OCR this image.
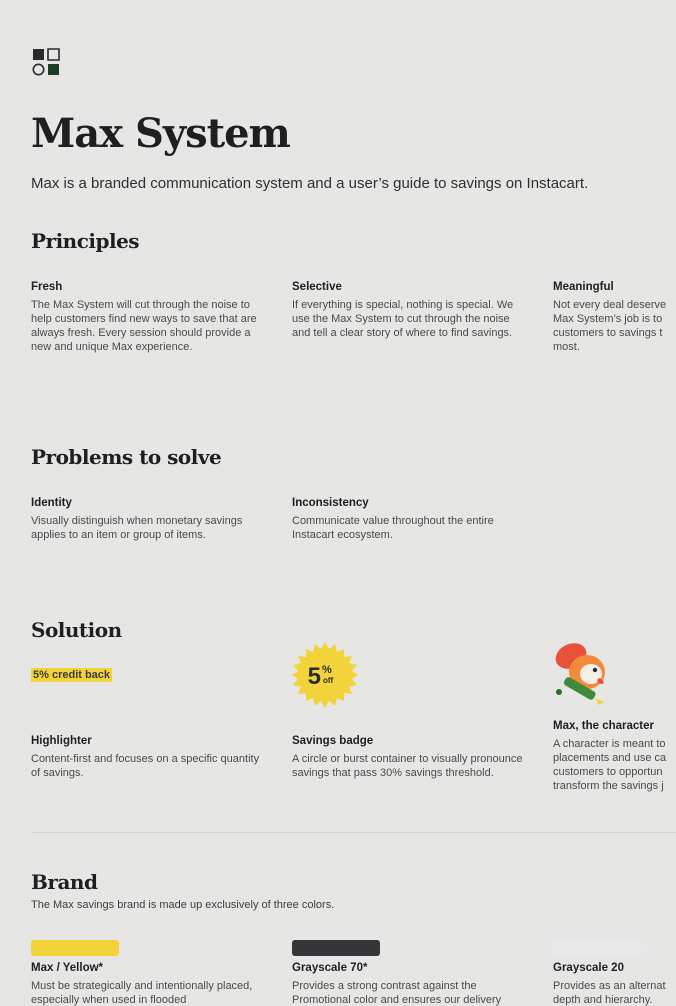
Max System

Max is a branded communication system and a user’s guide to savings on Instacart.

Principles

Fresh

The Max System will cut through the noise to help customers find new ways to save that are always fresh. Every session should provide a new and unique Max experience.

Selective

If everything is special, nothing is special. We use the Max System to cut through the noise and tell a clear story of where to find savings.

Meaningful

Not every deal deserve
Max System’s job is to
customers to savings t
most.

Problems to solve

Identity

Visually distinguish when monetary savings applies to an item or group of items.

Inconsistency

Communicate value throughout the entire Instacart ecosystem.

Solution
5% credit back	5 %
off

Highlighter

Content-first and focuses on a specific quantity of savings.

Savings badge

A circle or burst container to visually pronounce savings that pass 30% savings threshold.

Max, the character

A character is meant to
placements and use ca
customers to opportun
transform the savings j

Brand

The Max savings brand is made up exclusively of three colors.

Max / Yellow*

Must be strategically and intentionally placed, especially when used in flooded

Grayscale 70*

Provides a strong contrast against the Promotional color and ensures our delivery

Grayscale 20

Provides as an alternat
depth and hierarchy.
